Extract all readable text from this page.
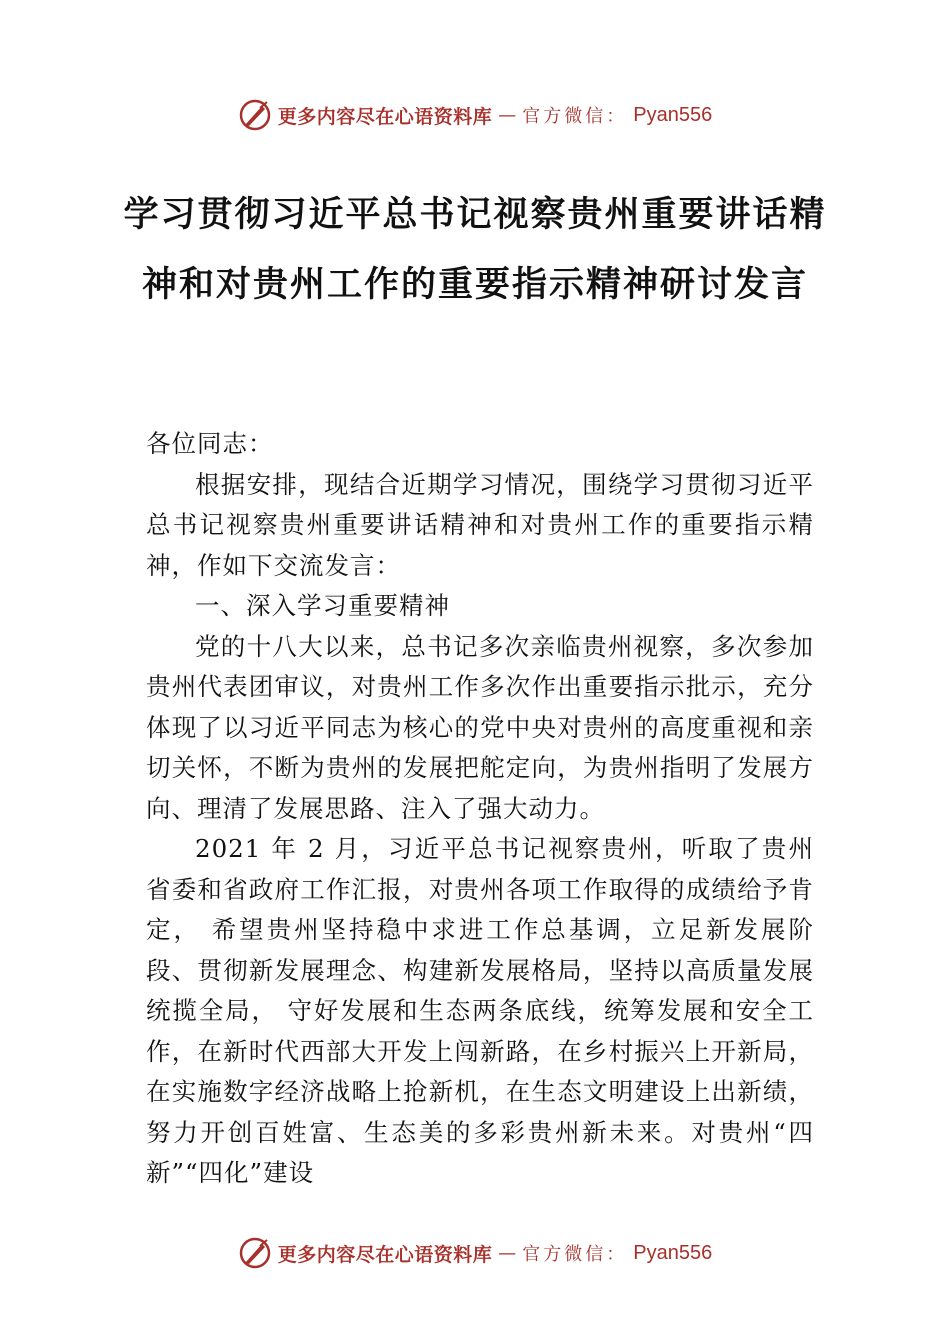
更多内容尽在心语资料库 — 官方微信： Pyan556
学习贯彻习近平总书记视察贵州重要讲话精神和对贵州工作的重要指示精神研讨发言

各位同志：

根据安排，现结合近期学习情况，围绕学习贯彻习近平总书记视察贵州重要讲话精神和对贵州工作的重要指示精神，作如下交流发言：

一、深入学习重要精神

党的十八大以来，总书记多次亲临贵州视察，多次参加贵州代表团审议，对贵州工作多次作出重要指示批示，充分体现了以习近平同志为核心的党中央对贵州的高度重视和亲切关怀，不断为贵州的发展把舵定向，为贵州指明了发展方向、理清了发展思路、注入了强大动力。

2021 年 2 月，习近平总书记视察贵州，听取了贵州省委和省政府工作汇报，对贵州各项工作取得的成绩给予肯定， 希望贵州坚持稳中求进工作总基调，立足新发展阶段、贯彻新发展理念、构建新发展格局，坚持以高质量发展统揽全局， 守好发展和生态两条底线，统筹发展和安全工作，在新时代西部大开发上闯新路，在乡村振兴上开新局，在实施数字经济战略上抢新机，在生态文明建设上出新绩，努力开创百姓富、生态美的多彩贵州新未来。对贵州“四新”“四化”建设

更多内容尽在心语资料库 — 官方微信： Pyan556
